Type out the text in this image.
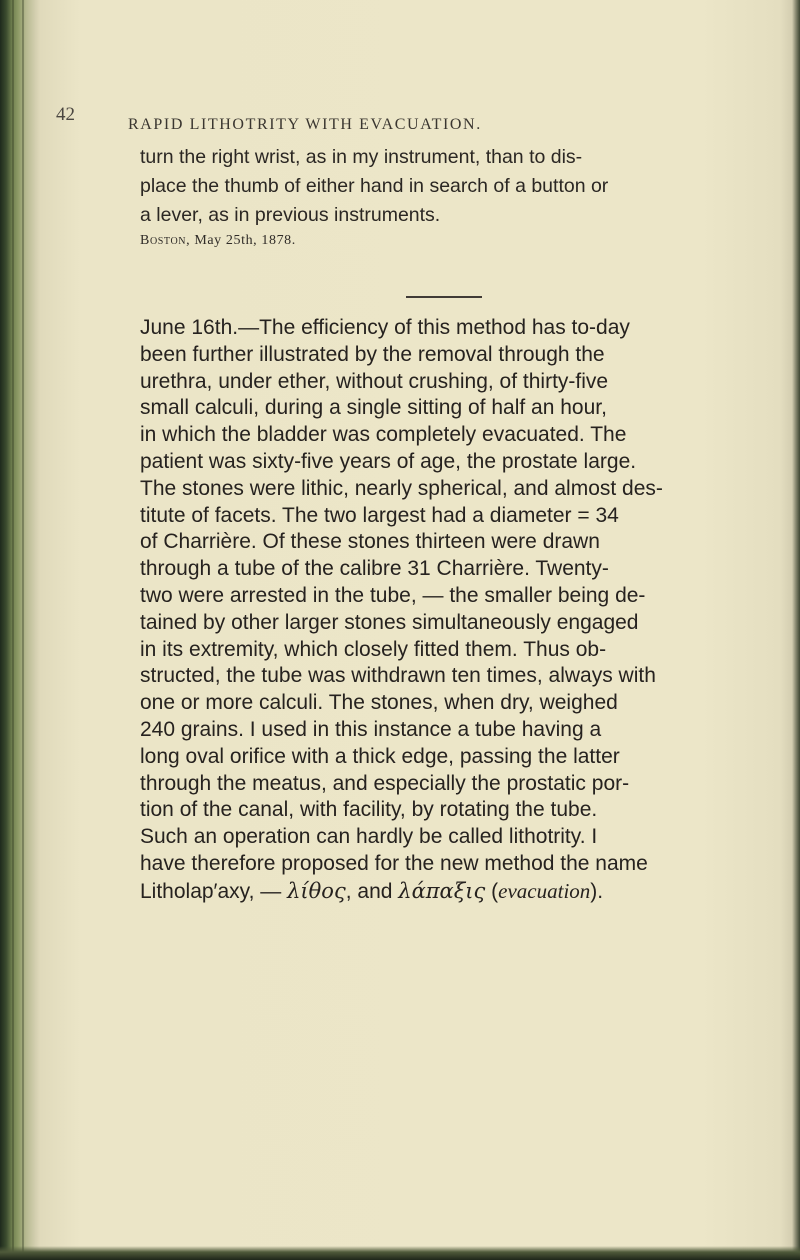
42	RAPID LITHOTRITY WITH EVACUATION.
turn the right wrist, as in my instrument, than to dis-
place the thumb of either hand in search of a button or
a lever, as in previous instruments.
Boston, May 25th, 1878.
June 16th.—The efficiency of this method has to-day
been further illustrated by the removal through the
urethra, under ether, without crushing, of thirty-five
small calculi, during a single sitting of half an hour,
in which the bladder was completely evacuated. The
patient was sixty-five years of age, the prostate large.
The stones were lithic, nearly spherical, and almost des-
titute of facets. The two largest had a diameter = 34
of Charrière. Of these stones thirteen were drawn
through a tube of the calibre 31 Charrière. Twenty-
two were arrested in the tube, — the smaller being de-
tained by other larger stones simultaneously engaged
in its extremity, which closely fitted them. Thus ob-
structed, the tube was withdrawn ten times, always with
one or more calculi. The stones, when dry, weighed
240 grains. I used in this instance a tube having a
long oval orifice with a thick edge, passing the latter
through the meatus, and especially the prostatic por-
tion of the canal, with facility, by rotating the tube.
Such an operation can hardly be called lithotrity. I
have therefore proposed for the new method the name
Litholap′axy, — λίθος, and λάπαξις (evacuation).
